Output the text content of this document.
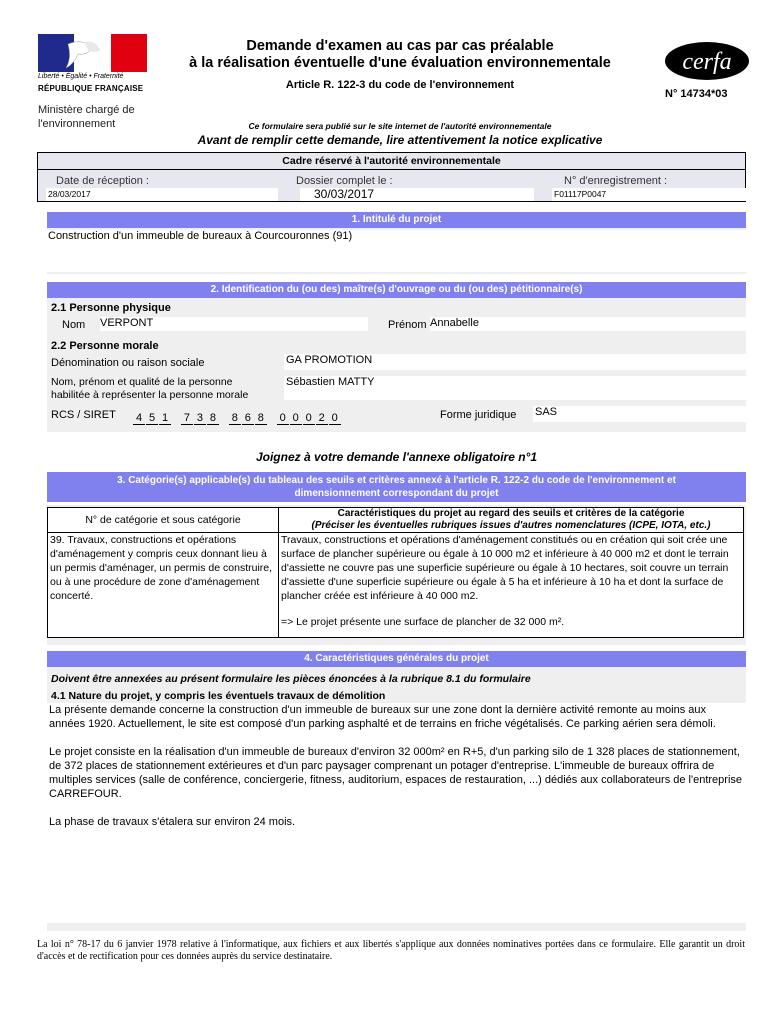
Liberté • Égalité • Fraternité
RÉPUBLIQUE FRANÇAISE
Ministère chargé de l'environnement
Demande d'examen au cas par cas préalable
à la réalisation éventuelle d'une évaluation environnementale
Article R. 122-3 du code de l'environnement
cerfa
N° 14734*03
Ce formulaire sera publié sur le site internet de l'autorité environnementale
Avant de remplir cette demande, lire attentivement la notice explicative
Cadre réservé à l'autorité environnementale
Date de réception :	Dossier complet le :	N° d'enregistrement :
28/03/2017	30/03/2017	F01117P0047
1. Intitulé du projet
Construction d'un immeuble de bureaux à Courcouronnes (91)
2. Identification du (ou des) maître(s) d'ouvrage ou du (ou des) pétitionnaire(s)
2.1 Personne physique
Nom VERPONT	Prénom Annabelle
2.2 Personne morale
Dénomination ou raison sociale	GA PROMOTION
Nom, prénom et qualité de la personne
habilitée à représenter la personne morale
Sébastien MATTY
RCS / SIRET 4 5 1 7 3 8 8 6 8 0 0 0 2 0	Forme juridique SAS
Joignez à votre demande l'annexe obligatoire n°1
3. Catégorie(s) applicable(s) du tableau des seuils et critères annexé à l'article R. 122-2 du code de l'environnement et
dimensionnement correspondant du projet
N° de catégorie et sous catégorie	Caractéristiques du projet au regard des seuils et critères de la catégorie
(Préciser les éventuelles rubriques issues d'autres nomenclatures (ICPE, IOTA, etc.)

39. Travaux, constructions et opérations d'aménagement y compris ceux donnant lieu à un permis d'aménager, un permis de construire, ou à une procédure de zone d'aménagement concerté.	Travaux, constructions et opérations d'aménagement constitués ou en création qui soit crée une surface de plancher supérieure ou égale à 10 000 m2 et inférieure à 40 000 m2 et dont le terrain d'assiette ne couvre pas une superficie supérieure ou égale à 10 hectares, soit couvre un terrain d'assiette d'une superficie supérieure ou égale à 5 ha et inférieure à 10 ha et dont la surface de plancher créée est inférieure à 40 000 m2.
=> Le projet présente une surface de plancher de 32 000 m².
4. Caractéristiques générales du projet
Doivent être annexées au présent formulaire les pièces énoncées à la rubrique 8.1 du formulaire
4.1 Nature du projet, y compris les éventuels travaux de démolition
La présente demande concerne la construction d'un immeuble de bureaux sur une zone dont la dernière activité remonte au moins aux années 1920. Actuellement, le site est composé d'un parking asphalté et de terrains en friche végétalisés. Ce parking aérien sera démoli.
Le projet consiste en la réalisation d'un immeuble de bureaux d'environ 32 000m² en R+5, d'un parking silo de 1 328 places de stationnement, de 372 places de stationnement extérieures et d'un parc paysager comprenant un potager d'entreprise. L'immeuble de bureaux offrira de multiples services (salle de conférence, conciergerie, fitness, auditorium, espaces de restauration, ...) dédiés aux collaborateurs de l'entreprise CARREFOUR.
La phase de travaux s'étalera sur environ 24 mois.
La loi n° 78-17 du 6 janvier 1978 relative à l'informatique, aux fichiers et aux libertés s'applique aux données nominatives portées dans ce formulaire. Elle garantit un droit d'accès et de rectification pour ces données auprès du service destinataire.
